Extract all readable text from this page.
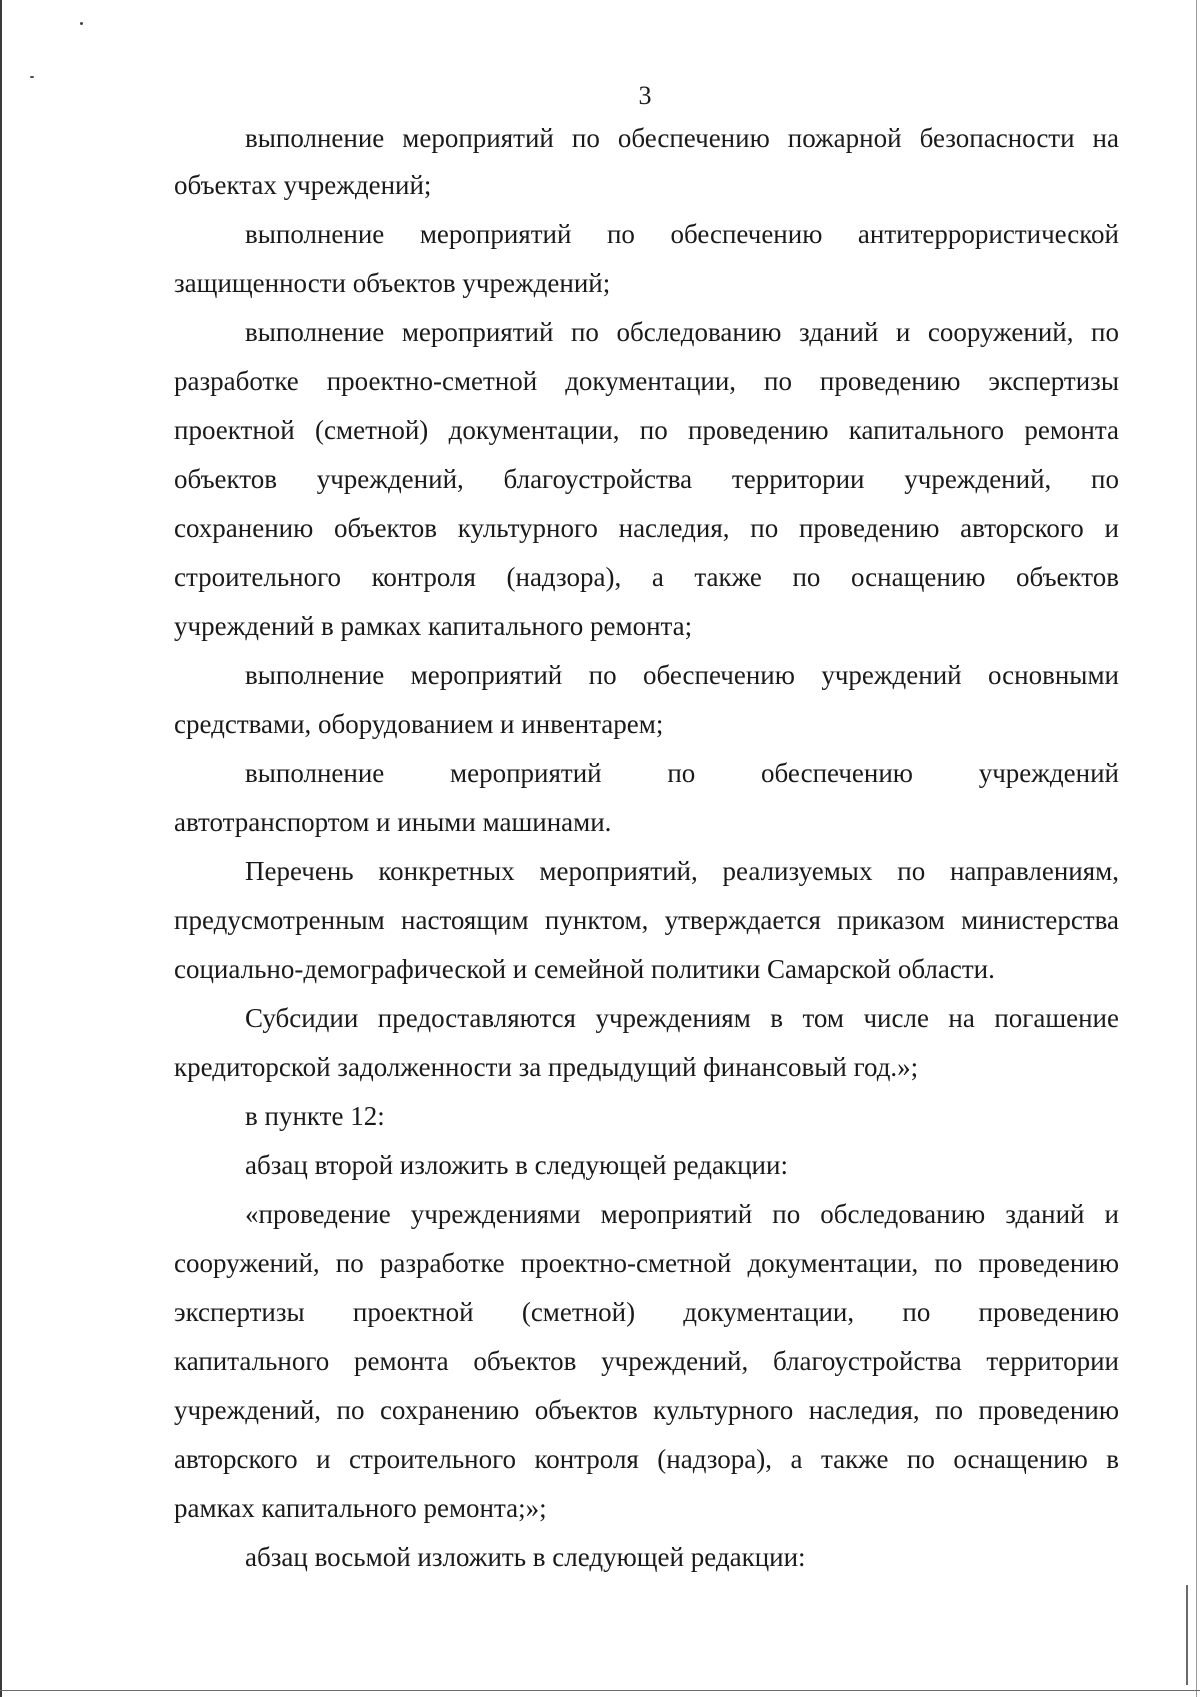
3
выполнение мероприятий по обеспечению пожарной безопасности на
объектах учреждений;
выполнение мероприятий по обеспечению антитеррористической
защищенности объектов учреждений;
выполнение мероприятий по обследованию зданий и сооружений, по
разработке проектно-сметной документации, по проведению экспертизы
проектной (сметной) документации, по проведению капитального ремонта
объектов учреждений, благоустройства территории учреждений, по
сохранению объектов культурного наследия, по проведению авторского и
строительного контроля (надзора), а также по оснащению объектов
учреждений в рамках капитального ремонта;
выполнение мероприятий по обеспечению учреждений основными
средствами, оборудованием и инвентарем;
выполнение мероприятий по обеспечению учреждений
автотранспортом и иными машинами.
Перечень конкретных мероприятий, реализуемых по направлениям,
предусмотренным настоящим пунктом, утверждается приказом министерства
социально-демографической и семейной политики Самарской области.
Субсидии предоставляются учреждениям в том числе на погашение
кредиторской задолженности за предыдущий финансовый год.»;
в пункте 12:
абзац второй изложить в следующей редакции:
«проведение учреждениями мероприятий по обследованию зданий и
сооружений, по разработке проектно-сметной документации, по проведению
экспертизы проектной (сметной) документации, по проведению
капитального ремонта объектов учреждений, благоустройства территории
учреждений, по сохранению объектов культурного наследия, по проведению
авторского и строительного контроля (надзора), а также по оснащению в
рамках капитального ремонта;»;
абзац восьмой изложить в следующей редакции:
